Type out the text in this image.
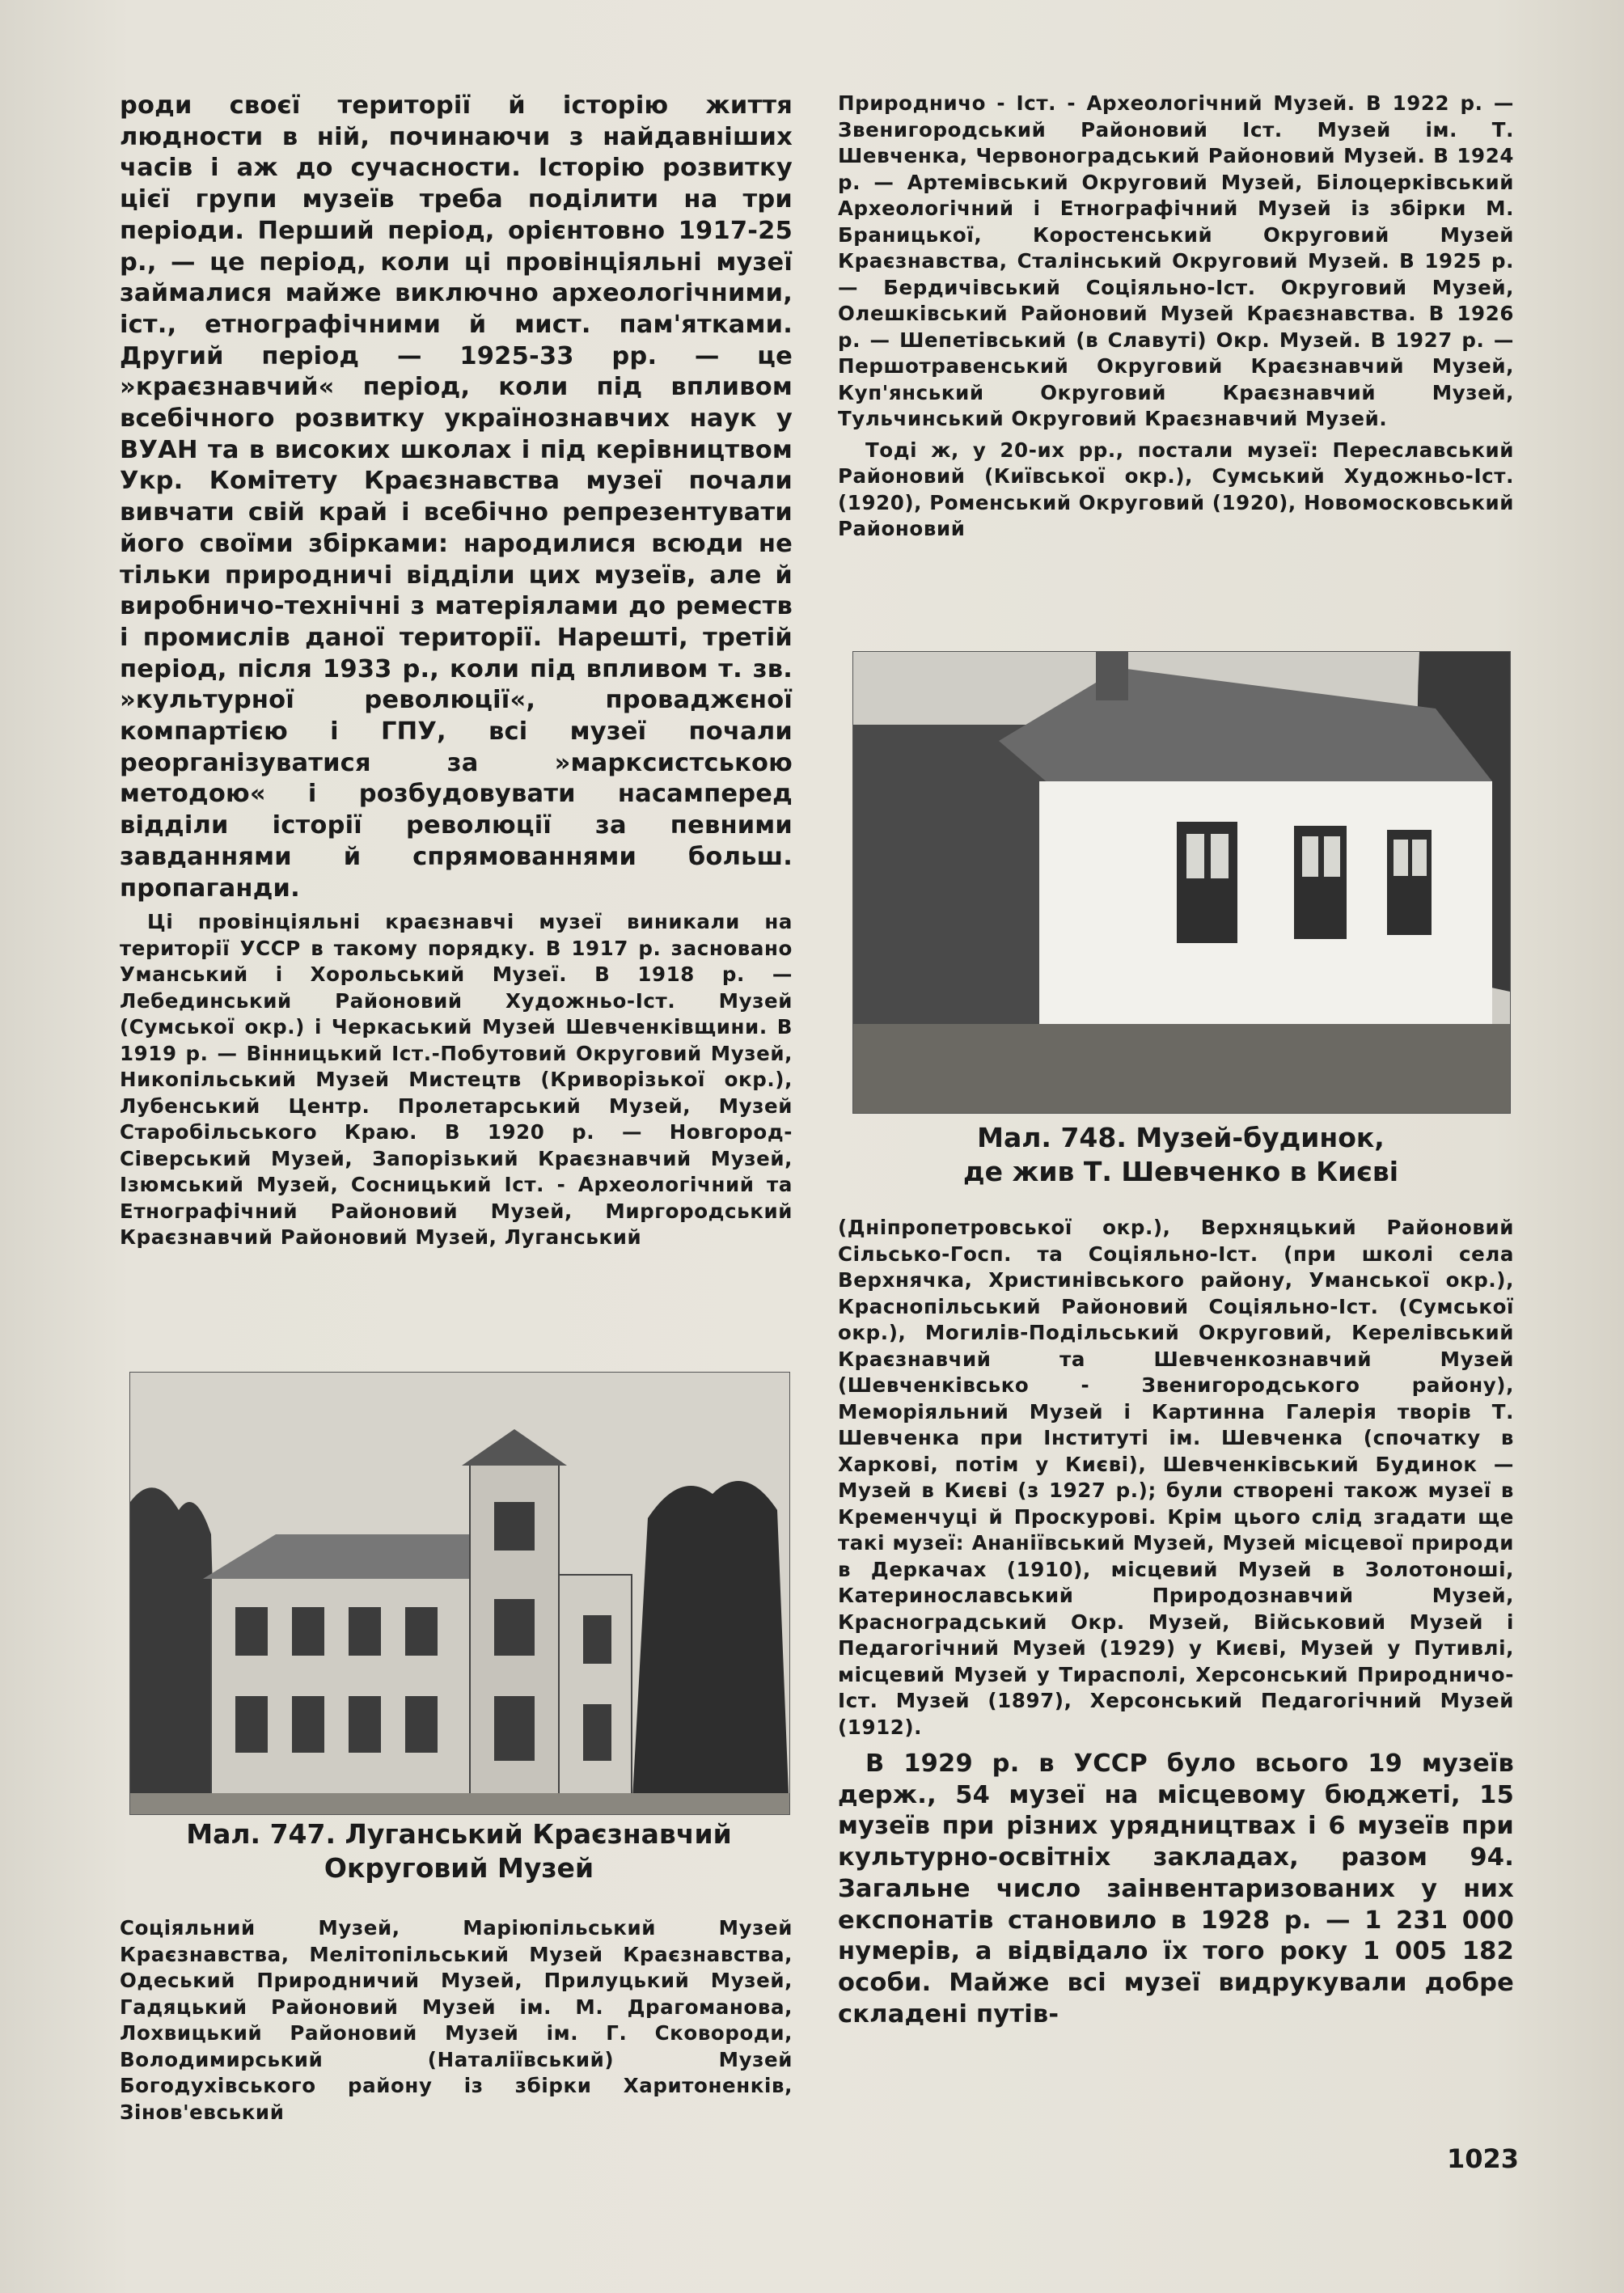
роди своєї території й історію життя людности в ній, починаючи з найдавніших часів і аж до сучасности. Історію розвитку цієї групи музеїв треба поділити на три періоди. Перший період, орієнтовно 1917-25 р., — це період, коли ці провінціяльні музеї займалися майже виключно археологічними, іст., етнографічними й мист. пам'ятками. Другий період — 1925-33 рр. — це »краєзнавчий« період, коли під впливом всебічного розвитку українознавчих наук у ВУАН та в високих школах і під керівництвом Укр. Комітету Краєзнавства музеї почали вивчати свій край і всебічно репрезентувати його своїми збірками: народилися всюди не тільки природничі відділи цих музеїв, але й виробничо-технічні з матеріялами до реместв і промислів даної території. Нарешті, третій період, після 1933 р., коли під впливом т. зв. »культурної революції«, проваджєної компартією і ГПУ, всі музеї почали реорганізуватися за »марксистською методою« і розбудовувати насамперед відділи історії революції за певними завданнями й спрямованнями больш. пропаганди.

Ці провінціяльні краєзнавчі музеї виникали на території УССР в такому порядку. В 1917 р. засновано Уманський і Хорольський Музеї. В 1918 р. — Лебединський Районовий Художньо-Іст. Музей (Сумської окр.) і Черкаський Музей Шевченківщини. В 1919 р. — Вінницький Іст.-Побутовий Округовий Музей, Никопільський Музей Мистецтв (Криворізької окр.), Лубенський Центр. Пролетарський Музей, Музей Старобільського Краю. В 1920 р. — Новгород-Сіверський Музей, Запорізький Краєзнавчий Музей, Ізюмський Музей, Сосницький Іст. - Археологічний та Етнографічний Районовий Музей, Миргородський Краєзнавчий Районовий Музей, Луганський

Мал. 747. Луганський Краєзнавчий
Округовий Музей

Соціяльний Музей, Маріюпільський Музей Краєзнавства, Мелітопільський Музей Краєзнавства, Одеський Природничий Музей, Прилуцький Музей, Гадяцький Районовий Музей ім. М. Драгоманова, Лохвицький Районовий Музей ім. Г. Сковороди, Володимирський (Наталіївський) Музей Богодухівського району із збірки Харитоненків, Зінов'евський

Природничо - Іст. - Археологічний Музей. В 1922 р. — Звенигородський Районовий Іст. Музей ім. Т. Шевченка, Червоноградський Районовий Музей. В 1924 р. — Артемівський Округовий Музей, Білоцерківський Археологічний і Етнографічний Музей із збірки М. Браницької, Коростенський Округовий Музей Краєзнавства, Сталінський Округовий Музей. В 1925 р. — Бердичівський Соціяльно-Іст. Округовий Музей, Олешківський Районовий Музей Краєзнавства. В 1926 р. — Шепетівський (в Славуті) Окр. Музей. В 1927 р. — Першотравенський Округовий Краєзнавчий Музей, Куп'янський Округовий Краєзнавчий Музей, Тульчинський Округовий Краєзнавчий Музей.

Тоді ж, у 20-их рр., постали музеї: Переславський Районовий (Київської окр.), Сумський Художньо-Іст. (1920), Роменський Округовий (1920), Новомосковський Районовий

Мал. 748. Музей-будинок,
де жив Т. Шевченко в Києві

(Дніпропетровської окр.), Верхняцький Районовий Сільсько-Госп. та Соціяльно-Іст. (при школі села Верхнячка, Христинівського району, Уманської окр.), Краснопільський Районовий Соціяльно-Іст. (Сумської окр.), Могилів-Подільський Округовий, Керелівський Краєзнавчий та Шевченкознавчий Музей (Шевченківсько - Звенигородського району), Меморіяльний Музей і Картинна Галерія творів Т. Шевченка при Інституті ім. Шевченка (спочатку в Харкові, потім у Києві), Шевченківський Будинок — Музей в Києві (з 1927 р.); були створені також музеї в Кременчуці й Проскурові. Крім цього слід згадати ще такі музеї: Ананіївський Музей, Музей місцевої природи в Деркачах (1910), місцевий Музей в Золотоноші, Катеринославський Природознавчий Музей, Красноградський Окр. Музей, Військовий Музей і Педагогічний Музей (1929) у Києві, Музей у Путивлі, місцевий Музей у Тирасполі, Херсонський Природничо-Іст. Музей (1897), Херсонський Педагогічний Музей (1912).

В 1929 р. в УССР було всього 19 музеїв держ., 54 музеї на місцевому бюджеті, 15 музеїв при різних урядництвах і 6 музеїв при культурно-освітніх закладах, разом 94. Загальне число заінвентаризованих у них експонатів становило в 1928 р. — 1 231 000 нумерів, а відвідало їх того року 1 005 182 особи. Майже всі музеї видрукували добре складені путів-

1023
